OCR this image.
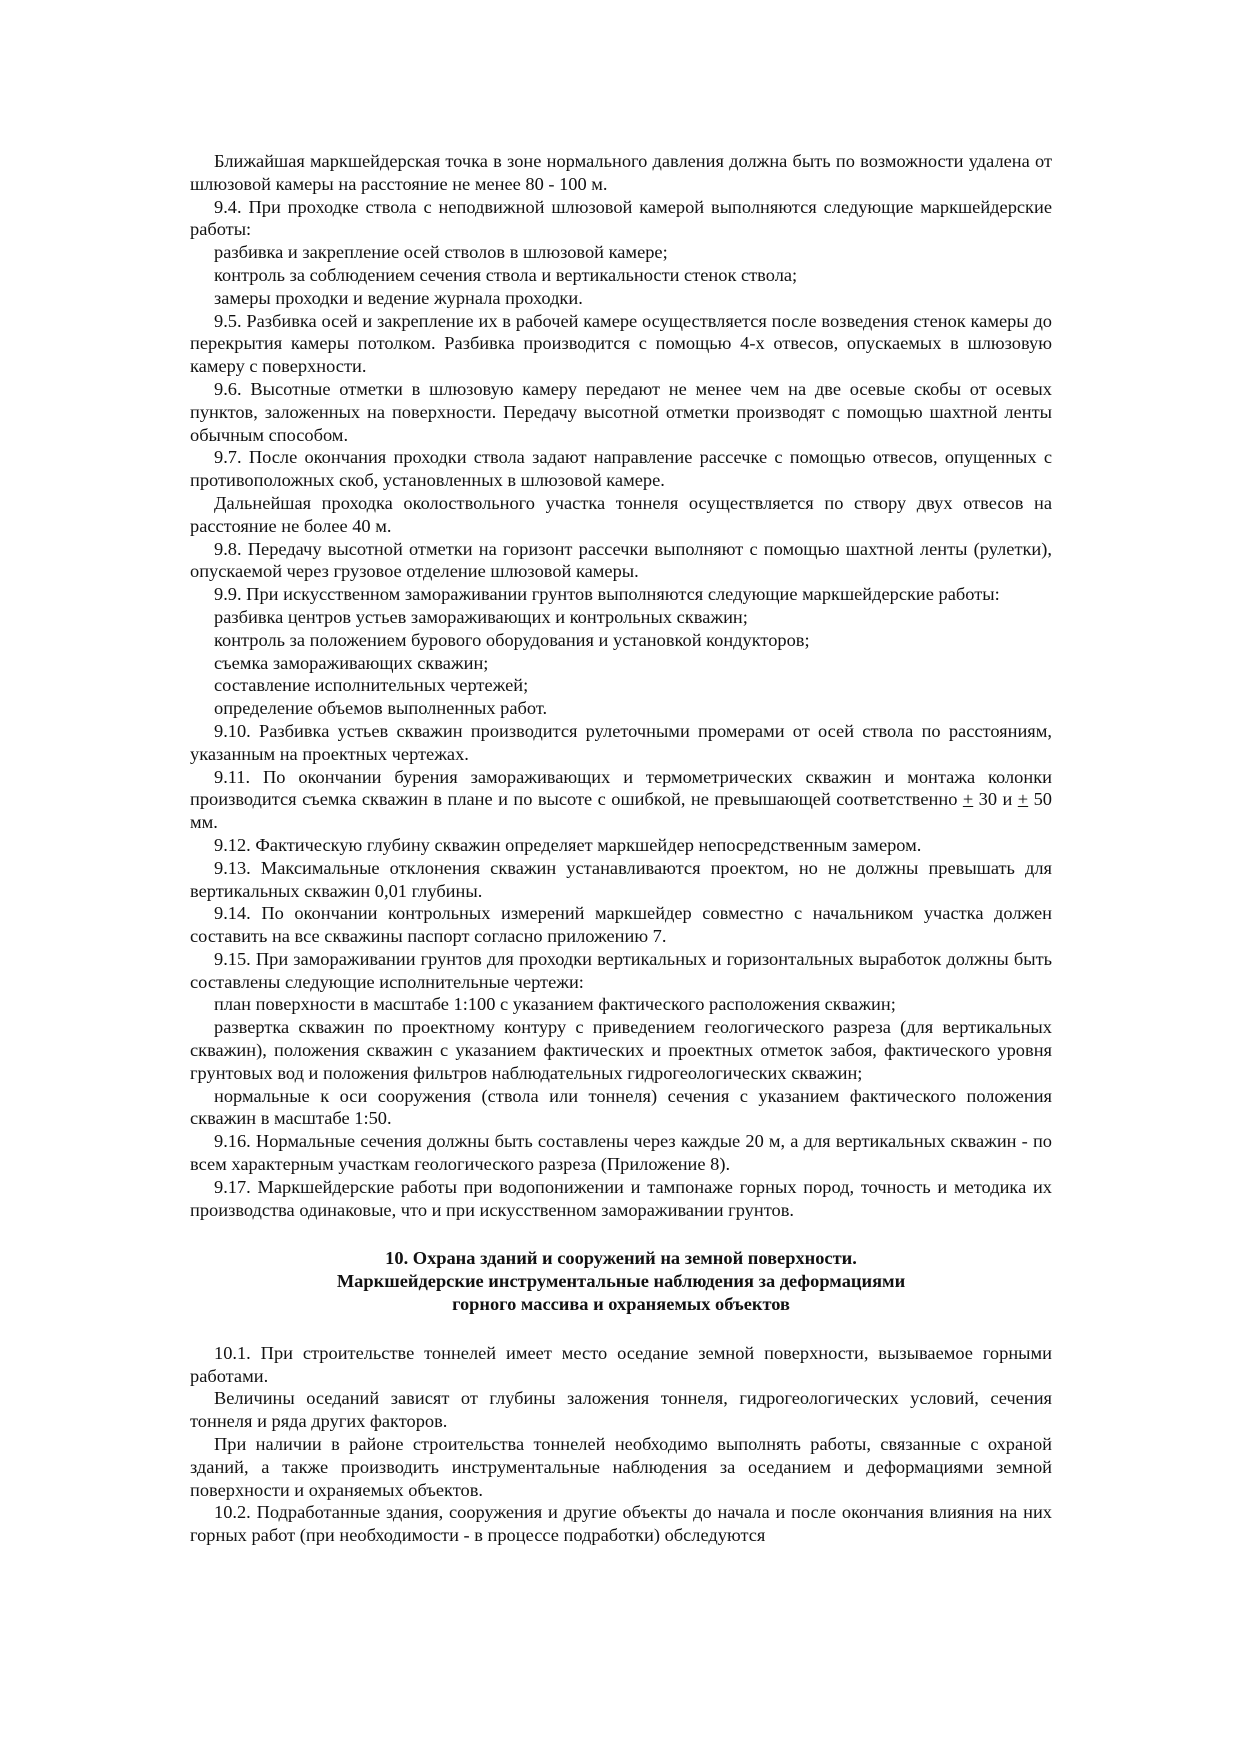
Ближайшая маркшейдерская точка в зоне нормального давления должна быть по возможности удалена от шлюзовой камеры на расстояние не менее 80 - 100 м.

9.4. При проходке ствола с неподвижной шлюзовой камерой выполняются следующие маркшейдерские работы:

разбивка и закрепление осей стволов в шлюзовой камере;

контроль за соблюдением сечения ствола и вертикальности стенок ствола;

замеры проходки и ведение журнала проходки.

9.5. Разбивка осей и закрепление их в рабочей камере осуществляется после возведения стенок камеры до перекрытия камеры потолком. Разбивка производится с помощью 4-х отвесов, опускаемых в шлюзовую камеру с поверхности.

9.6. Высотные отметки в шлюзовую камеру передают не менее чем на две осевые скобы от осевых пунктов, заложенных на поверхности. Передачу высотной отметки производят с помощью шахтной ленты обычным способом.

9.7. После окончания проходки ствола задают направление рассечке с помощью отвесов, опущенных с противоположных скоб, установленных в шлюзовой камере.

Дальнейшая проходка околоствольного участка тоннеля осуществляется по створу двух отвесов на расстояние не более 40 м.

9.8. Передачу высотной отметки на горизонт рассечки выполняют с помощью шахтной ленты (рулетки), опускаемой через грузовое отделение шлюзовой камеры.

9.9. При искусственном замораживании грунтов выполняются следующие маркшейдерские работы:

разбивка центров устьев замораживающих и контрольных скважин;

контроль за положением бурового оборудования и установкой кондукторов;

съемка замораживающих скважин;

составление исполнительных чертежей;

определение объемов выполненных работ.

9.10. Разбивка устьев скважин производится рулеточными промерами от осей ствола по расстояниям, указанным на проектных чертежах.

9.11. По окончании бурения замораживающих и термометрических скважин и монтажа колонки производится съемка скважин в плане и по высоте с ошибкой, не превышающей соответственно + 30 и + 50 мм.

9.12. Фактическую глубину скважин определяет маркшейдер непосредственным замером.

9.13. Максимальные отклонения скважин устанавливаются проектом, но не должны превышать для вертикальных скважин 0,01 глубины.

9.14. По окончании контрольных измерений маркшейдер совместно с начальником участка должен составить на все скважины паспорт согласно приложению 7.

9.15. При замораживании грунтов для проходки вертикальных и горизонтальных выработок должны быть составлены следующие исполнительные чертежи:

план поверхности в масштабе 1:100 с указанием фактического расположения скважин;

развертка скважин по проектному контуру с приведением геологического разреза (для вертикальных скважин), положения скважин с указанием фактических и проектных отметок забоя, фактического уровня грунтовых вод и положения фильтров наблюдательных гидрогеологических скважин;

нормальные к оси сооружения (ствола или тоннеля) сечения с указанием фактического положения скважин в масштабе 1:50.

9.16. Нормальные сечения должны быть составлены через каждые 20 м, а для вертикальных скважин - по всем характерным участкам геологического разреза (Приложение 8).

9.17. Маркшейдерские работы при водопонижении и тампонаже горных пород, точность и методика их производства одинаковые, что и при искусственном замораживании грунтов.

10. Охрана зданий и сооружений на земной поверхности.
Маркшейдерские инструментальные наблюдения за деформациями
горного массива и охраняемых объектов

10.1. При строительстве тоннелей имеет место оседание земной поверхности, вызываемое горными работами.

Величины оседаний зависят от глубины заложения тоннеля, гидрогеологических условий, сечения тоннеля и ряда других факторов.

При наличии в районе строительства тоннелей необходимо выполнять работы, связанные с охраной зданий, а также производить инструментальные наблюдения за оседанием и деформациями земной поверхности и охраняемых объектов.

10.2. Подработанные здания, сооружения и другие объекты до начала и после окончания влияния на них горных работ (при необходимости - в процессе подработки) обследуются
